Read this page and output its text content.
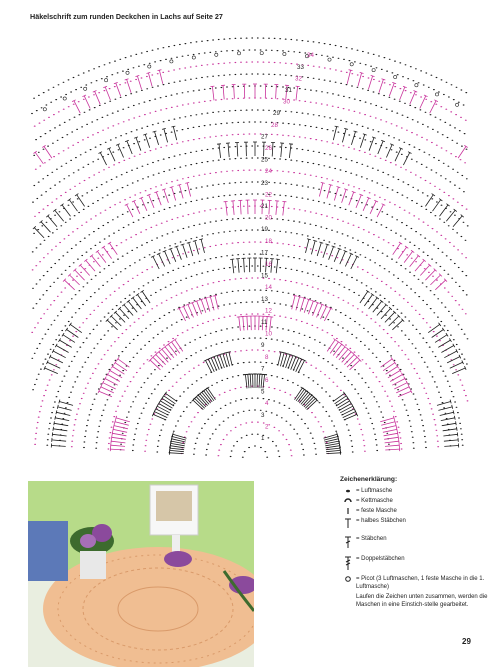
Häkelschrift zum runden Deckchen in Lachs auf Seite 27
1
2
3
4
5
6
7
8
9
10
11
12
13
14
15
16
17
18
19
20
21
22
23
24
25
26
27
28
29
30
31
32
33
34
Zeichenerklärung:
= Luftmasche
= Kettmasche
= feste Masche
= halbes Stäbchen
= Stäbchen
= Doppelstäbchen
= Picot (3 Luftmaschen, 1 feste Masche in die 1. Luftmasche)
Laufen die Zeichen unten zusammen, werden die Maschen in eine Einstich-stelle gearbeitet.
29
